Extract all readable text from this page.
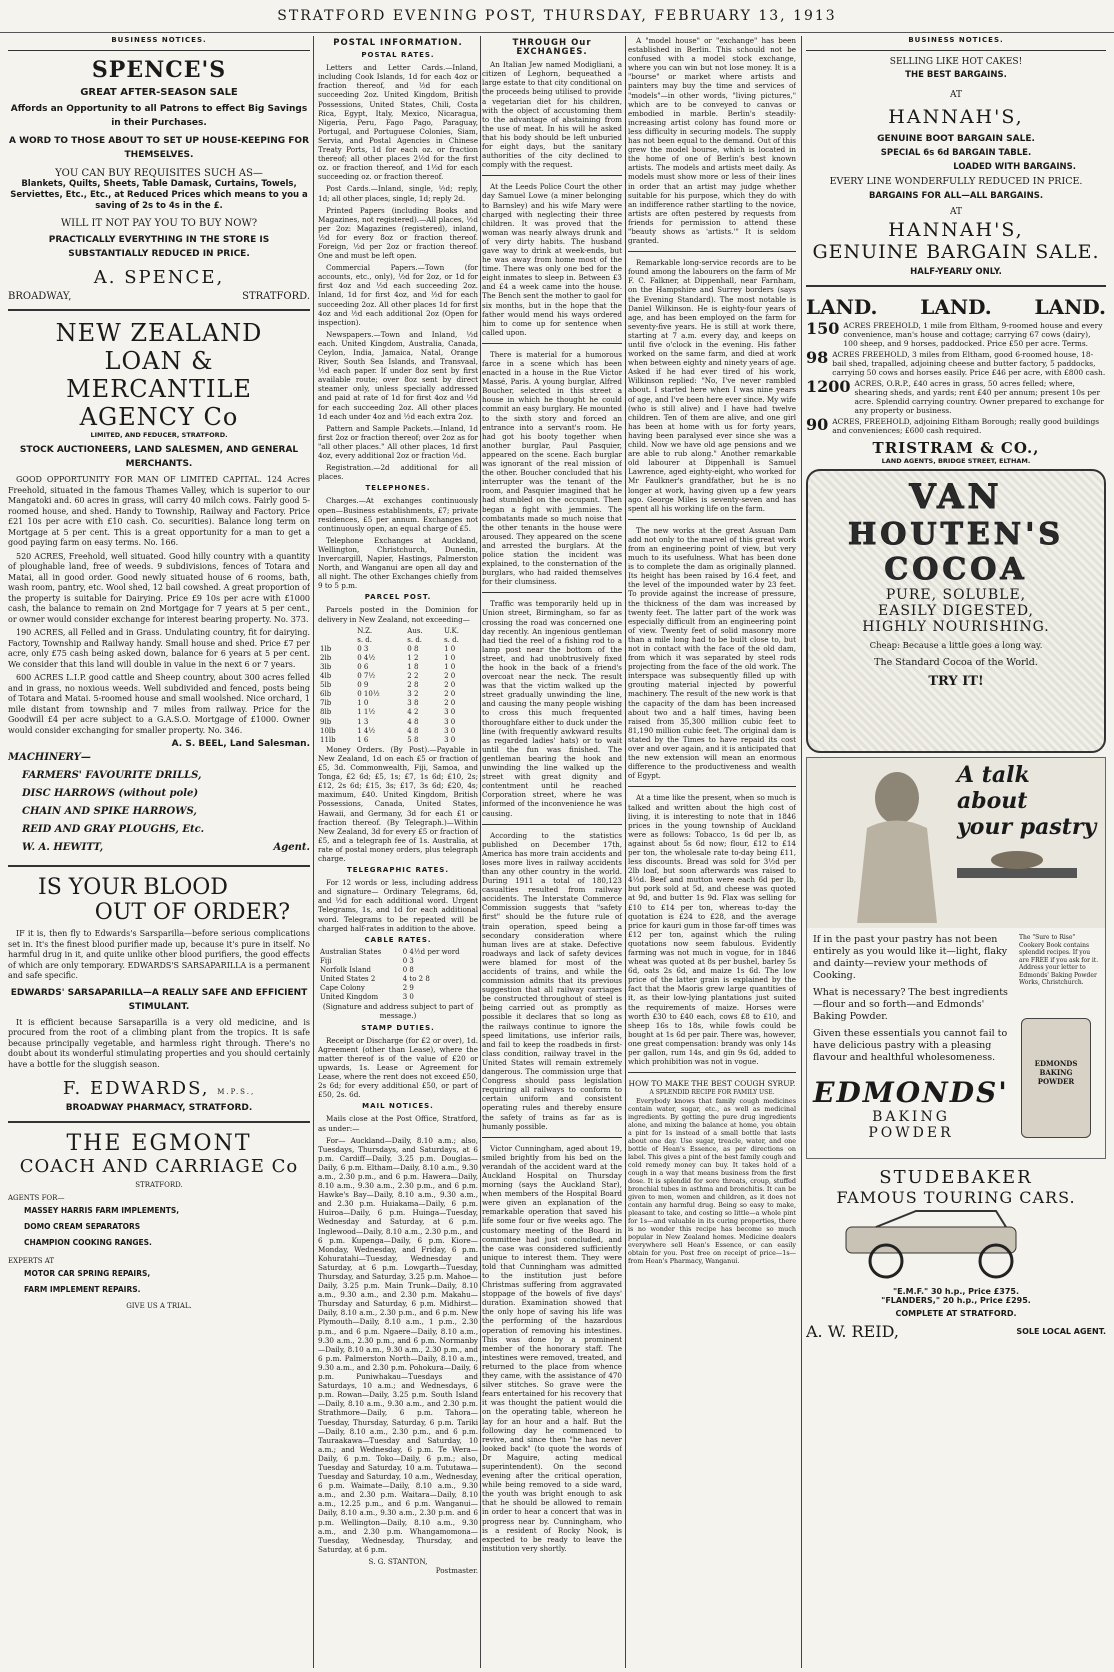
STRATFORD EVENING POST, THURSDAY, FEBRUARY 13, 1913
BUSINESS NOTICES.
SPENCE'S
GREAT AFTER-SEASON SALE
Affords an Opportunity to all Patrons to effect Big Savings in their Purchases.
A WORD TO THOSE ABOUT TO SET UP HOUSE-KEEPING FOR THEMSELVES.
YOU CAN BUY REQUISITES SUCH AS—
Blankets, Quilts, Sheets, Table Damask, Curtains, Towels, Serviettes, Etc., Etc., at Reduced Prices which means to you a saving of 2s to 4s in the £.
WILL IT NOT PAY YOU TO BUY NOW?
PRACTICALLY EVERYTHING IN THE STORE IS SUBSTANTIALLY REDUCED IN PRICE.
A. SPENCE,
BROADWAY,	STRATFORD.
NEW ZEALAND
LOAN & MERCANTILE
AGENCY Co
LIMITED, AND FEDUCER, STRATFORD.
STOCK AUCTIONEERS, LAND SALESMEN, AND GENERAL MERCHANTS.
GOOD OPPORTUNITY FOR MAN OF LIMITED CAPITAL. 124 Acres Freehold, situated in the famous Thames Valley, which is superior to our Mangatoki and. 60 acres in grass, will carry 40 milch cows. Fairly good 5-roomed house, and shed. Handy to Township, Railway and Factory. Price £21 10s per acre with £10 cash. Co. securities). Balance long term on Mortgage at 5 per cent. This is a great opportunity for a man to get a good paying farm on easy terms. No. 166.
520 ACRES, Freehold, well situated. Good hilly country with a quantity of ploughable land, free of weeds. 9 subdivisions, fences of Totara and Matai, all in good order. Good newly situated house of 6 rooms, bath, wash room, pantry, etc. Wool shed, 12 bail cowshed. A great proportion of the property is suitable for Dairying. Price £9 10s per acre with £1000 cash, the balance to remain on 2nd Mortgage for 7 years at 5 per cent., or owner would consider exchange for interest bearing property. No. 373.
190 ACRES, all Felled and in Grass. Undulating country, fit for dairying. Factory, Township and Railway handy. Small house and shed. Price £7 per acre, only £75 cash being asked down, balance for 6 years at 5 per cent. We consider that this land will double in value in the next 6 or 7 years.
600 ACRES L.I.P. good cattle and Sheep country, about 300 acres felled and in grass, no noxious weeds. Well subdivided and fenced, posts being of Totara and Matai. 5-roomed house and small woolshed. Nice orchard, 1 mile distant from township and 7 miles from railway. Price for the Goodwill £4 per acre subject to a G.A.S.O. Mortgage of £1000. Owner would consider exchanging for smaller property. No. 346.
A. S. BEEL, Land Salesman.
MACHINERY—
FARMERS' FAVOURITE DRILLS,
DISC HARROWS (without pole)
CHAIN AND SPIKE HARROWS,
REID AND GRAY PLOUGHS, Etc.
W. A. HEWITT,	Agent.
IS YOUR BLOOD
OUT OF ORDER?
IF it is, then fly to Edwards's Sarsparilla—before serious complications set in. It's the finest blood purifier made up, because it's pure in itself. No harmful drug in it, and quite unlike other blood purifiers, the good effects of which are only temporary. EDWARDS'S SARSAPARILLA is a permanent and safe specific.
EDWARDS' SARSAPARILLA—A REALLY SAFE AND EFFICIENT STIMULANT.
It is efficient because Sarsaparilla is a very old medicine, and is procured from the root of a climbing plant from the tropics. It is safe because principally vegetable, and harmless right through. There's no doubt about its wonderful stimulating properties and you should certainly have a bottle for the sluggish season.
F. EDWARDS, M.P.S.,
BROADWAY PHARMACY, STRATFORD.
THE EGMONT
COACH AND CARRIAGE Co
STRATFORD.
AGENTS FOR—
MASSEY HARRIS FARM IMPLEMENTS,
DOMO CREAM SEPARATORS
CHAMPION COOKING RANGES.
EXPERTS AT
MOTOR CAR SPRING REPAIRS,
FARM IMPLEMENT REPAIRS.
GIVE US A TRIAL.
POSTAL INFORMATION.
POSTAL RATES.
Letters and Letter Cards.—Inland, including Cook Islands, 1d for each 4oz or fraction thereof, and ½d for each succeeding 2oz. United Kingdom, British Possessions, United States, Chili, Costa Rica, Egypt, Italy, Mexico, Nicaragua, Nigeria, Peru, Fago Pago, Paraguay, Portugal, and Portuguese Colonies, Siam, Servia, and Postal Agencies in Chinese Treaty Ports, 1d for each oz. or fraction thereof; all other places 2½d for the first oz. or fraction thereof, and 1½d for each succeeding oz. or fraction thereof.
Post Cards.—Inland, single, ½d; reply, 1d; all other places, single, 1d; reply 2d.
Printed Papers (including Books and Magazines, not registered).—All places, ½d per 2oz: Magazines (registered), inland, ½d for every 8oz or fraction thereof. Foreign, ½d per 2oz or fraction thereof. One and must be left open.
Commercial Papers.—Town (for accounts, etc., only), ½d for 2oz, or 1d for first 4oz and ½d each succeeding 2oz. Inland, 1d for first 4oz, and ½d for each succeeding 2oz. All other places 1d for first 4oz and ½d each additional 2oz (Open for inspection).
Newspapers.—Town and Inland, ½d each. United Kingdom, Australia, Canada, Ceylon, India, Jamaica, Natal, Orange River, South Sea Islands, and Transvaal, ½d each paper. If under 8oz sent by first available route; over 8oz sent by direct steamer only, unless specially addressed and paid at rate of 1d for first 4oz and ½d for each succeeding 2oz. All other places 1d each under 4oz and ½d each extra 2oz.
Pattern and Sample Packets.—Inland, 1d first 2oz or fraction thereof; over 2oz as for "all other places." All other places, 1d first 4oz, every additional 2oz or fraction ½d.
Registration.—2d additional for all places.
TELEPHONES.
Charges.—At exchanges continuously open—Business establishments, £7; private residences, £5 per annum. Exchanges not continuously open, an equal charge of £5.
Telephone Exchanges at Auckland, Wellington, Christchurch, Dunedin, Invercargill, Napier, Hastings, Palmerston North, and Wanganui are open all day and all night. The other Exchanges chiefly from 9 to 5 p.m.
PARCEL POST.
Parcels posted in the Dominion for delivery in New Zealand, not exceeding—
	N.Z.	Aus.	U.K.
	s. d.	s. d.	s. d.
1lb	0 3	0 8	1 0
2lb	0 4½	1 2	1 0
3lb	0 6	1 8	1 0
4lb	0 7½	2 2	2 0
5lb	0 9	2 8	2 0
6lb	0 10½	3 2	2 0
7lb	1 0	3 8	2 0
8lb	1 1½	4 2	3 0
9lb	1 3	4 8	3 0
10lb	1 4½	4 8	3 0
11lb	1 6	5 8	3 0
Money Orders. (By Post).—Payable in New Zealand, 1d on each £5 or fraction of £5, 3d. Commonwealth, Fiji, Samoa, and Tonga, £2 6d; £5, 1s; £7, 1s 6d; £10, 2s; £12, 2s 6d; £15, 3s; £17, 3s 6d; £20, 4s; maximum, £40. United Kingdom, British Possessions, Canada, United States, Hawaii, and Germany, 3d for each £1 or fraction thereof. (By Telegraph.)—Within New Zealand, 3d for every £5 or fraction of £5, and a telegraph fee of 1s. Australia, at rate of postal money orders, plus telegraph charge.
TELEGRAPHIC RATES.
For 12 words or less, including address and signature— Ordinary Telegrams, 6d, and ½d for each additional word. Urgent Telegrams, 1s, and 1d for each additional word. Telegrams to be repeated will be charged half-rates in addition to the above.
CABLE RATES.
Australian States	0 4½d per word
Fiji	0 3
Norfolk Island	0 8
United States 2	4 to 2 8
Cape Colony	2 9
United Kingdom	3 0
(Signature and address subject to part of message.)
STAMP DUTIES.
Receipt or Discharge (for £2 or over), 1d. Agreement (other than Lease), where the matter thereof is of the value of £20 or upwards, 1s. Lease or Agreement for Lease, where the rent does not exceed £50, 2s 6d; for every additional £50, or part of £50, 2s. 6d.
MAIL NOTICES.
Mails close at the Post Office, Stratford, as under:—
For— Auckland—Daily, 8.10 a.m.; also, Tuesdays, Thursdays, and Saturdays, at 6 p.m. Cardiff—Daily, 3.25 p.m. Douglas—Daily, 6 p.m. Eltham—Daily, 8.10 a.m., 9.30 a.m., 2.30 p.m., and 6 p.m. Hawera—Daily, 8.10 a.m., 9.30 a.m., 2.30 p.m., and 6 p.m. Hawke's Bay—Daily, 8.10 a.m., 9.30 a.m., and 2.30 p.m. Huiakama—Daily, 6 p.m. Huiroa—Daily, 6 p.m. Huinga—Tuesday, Wednesday and Saturday, at 6 p.m. Inglewood—Daily, 8.10 a.m., 2.30 p.m., and 6 p.m. Kupenga—Daily, 6 p.m. Kiore—Monday, Wednesday, and Friday, 6 p.m. Kohuratahi—Tuesday, Wednesday and Saturday, at 6 p.m. Lowgarth—Tuesday, Thursday, and Saturday, 3.25 p.m. Mahoe—Daily, 3.25 p.m. Main Trunk—Daily, 8.10 a.m., 9.30 a.m., and 2.30 p.m. Makahu—Thursday and Saturday, 6 p.m. Midhirst—Daily, 8.10 a.m., 2.30 p.m., and 6 p.m. New Plymouth—Daily, 8.10 a.m., 1 p.m., 2.30 p.m., and 6 p.m. Ngaere—Daily, 8.10 a.m., 9.30 a.m., 2.30 p.m., and 6 p.m. Normanby—Daily, 8.10 a.m., 9.30 a.m., 2.30 p.m., and 6 p.m. Palmerston North—Daily, 8.10 a.m., 9.30 a.m., and 2.30 p.m. Pohokura—Daily, 6 p.m. Puniwhakau—Tuesdays and Saturdays, 10 a.m.; and Wednesdays, 6 p.m. Rowan—Daily, 3.25 p.m. South Island—Daily, 8.10 a.m., 9.30 a.m., and 2.30 p.m. Strathmore—Daily, 6 p.m. Tahora—Tuesday, Thursday, Saturday, 6 p.m. Tariki—Daily, 8.10 a.m., 2.30 p.m., and 6 p.m. Tauraakawa—Tuesday and Saturday, 10 a.m.; and Wednesday, 6 p.m. Te Wera—Daily, 6 p.m. Toko—Daily, 6 p.m.; also, Tuesday and Saturday, 10 a.m. Tututawa—Tuesday and Saturday, 10 a.m., Wednesday, 6 p.m. Waimate—Daily, 8.10 a.m., 9.30 a.m., and 2.30 p.m. Waitara—Daily, 8.10 a.m., 12.25 p.m., and 6 p.m. Wanganui—Daily, 8.10 a.m., 9.30 a.m., 2.30 p.m. and 6 p.m. Wellington—Daily, 8.10 a.m., 9.30 a.m., and 2.30 p.m. Whangamomona—Tuesday, Wednesday, Thursday, and Saturday, at 6 p.m.
S. G. STANTON,
Postmaster.
THROUGH Our EXCHANGES.
An Italian Jew named Modigliani, a citizen of Leghorn, bequeathed a large estate to that city conditional on the proceeds being utilised to provide a vegetarian diet for his children, with the object of accustoming them to the advantage of abstaining from the use of meat. In his will he asked that his body should be left unburied for eight days, but the sanitary authorities of the city declined to comply with the request.
At the Leeds Police Court the other day Samuel Lowe (a miner belonging to Barnsley) and his wife Mary were charged with neglecting their three children. It was proved that the woman was nearly always drunk and of very dirty habits. The husband gave way to drink at week-ends, but he was away from home most of the time. There was only one bed for the eight inmates to sleep in. Between £3 and £4 a week came into the house. The Bench sent the mother to gaol for six months, but in the hope that the father would mend his ways ordered him to come up for sentence when called upon.
There is material for a humorous farce in a scene which has been enacted in a house in the Rue Victor Massé, Paris. A young burglar, Alfred Boucher, selected in this street a house in which he thought he could commit an easy burglary. He mounted to the sixth story and forced an entrance into a servant's room. He had got his booty together when another burglar, Paul Pasquier, appeared on the scene. Each burglar was ignorant of the real mission of the other. Boucher concluded that his interrupter was the tenant of the room, and Pasquier imagined that he had stumbled on the occupant. Then began a fight with jemmies. The combatants made so much noise that the other tenants in the house were aroused. They appeared on the scene and arrested the burglars. At the police station the incident was explained, to the consternation of the burglars, who had raided themselves for their clumsiness.
Traffic was temporarily held up in Union street, Birmingham, so far as crossing the road was concerned one day recently. An ingenious gentleman had tied the reel of a fishing rod to a lamp post near the bottom of the street, and had unobtrusively fixed the hook in the back of a friend's overcoat near the neck. The result was that the victim walked up the street gradually unwinding the line, and causing the many people wishing to cross this much frequented thoroughfare either to duck under the line (with frequently awkward results as regarded ladies' hats) or to wait until the fun was finished. The gentleman bearing the hook and unwinding the line walked up the street with great dignity and contentment until he reached Corporation street, where he was informed of the inconvenience he was causing.
According to the statistics published on December 17th, America has more train accidents and loses more lives in railway accidents than any other country in the world. During 1911 a total of 180,123 casualties resulted from railway accidents. The Interstate Commerce Commission suggests that "safety first" should be the future rule of train operation, speed being a secondary consideration where human lives are at stake. Defective roadways and lack of safety devices were blamed for most of the accidents of trains, and while the commission admits that its previous suggestion that all railway carriages be constructed throughout of steel is being carried out as promptly as possible it declares that so long as the railways continue to ignore the speed limitations, use inferior rails, and fail to keep the roadbeds in first-class condition, railway travel in the United States will remain extremely dangerous. The commission urge that Congress should pass legislation requiring all railways to conform to certain uniform and consistent operating rules and thereby ensure the safety of trains as far as is humanly possible.
Victor Cunningham, aged about 19, smiled brightly from his bed on the verandah of the accident ward at the Auckland Hospital on Thursday morning (says the Auckland Star), when members of the Hospital Board were given an explanation of the remarkable operation that saved his life some four or five weeks ago. The customary meeting of the Board in committee had just concluded, and the case was considered sufficiently unique to interest them. They were told that Cunningham was admitted to the institution just before Christmas suffering from aggravated stoppage of the bowels of five days' duration. Examination showed that the only hope of saving his life was the performing of the hazardous operation of removing his intestines. This was done by a prominent member of the honorary staff. The intestines were removed, treated, and returned to the place from whence they came, with the assistance of 470 silver stitches. So grave were the fears entertained for his recovery that it was thought the patient would die on the operating table, whereon he lay for an hour and a half. But the following day he commenced to revive, and since then "he has never looked back" (to quote the words of Dr Maguire, acting medical superintendent). On the second evening after the critical operation, while being removed to a side ward, the youth was bright enough to ask that he should be allowed to remain in order to hear a concert that was in progress near by. Cunningham, who is a resident of Rocky Nook, is expected to be ready to leave the institution very shortly.
A "model house" or "exchange" has been established in Berlin. This schould not be confused with a model stock exchange, where you can win but not lose money. It is a "bourse" or market where artists and painters may buy the time and services of "models"—in other words, "living pictures," which are to be conveyed to canvas or embodied in marble. Berlin's steadily-increasing artist colony has found more or less difficulty in securing models. The supply has not been equal to the demand. Out of this grew the model bourse, which is located in the home of one of Berlin's best known artists. The models and artists meet daily. As models must show more or less of their lines in order that an artist may judge whether suitable for his purpose, which they do with an indifference rather startling to the novice, artists are often pestered by requests from friends for permission to attend these "beauty shows as 'artists.'" It is seldom granted.
Remarkable long-service records are to be found among the labourers on the farm of Mr F. C. Falkner, at Dippenhall, near Farnham, on the Hampshire and Surrey borders (says the Evening Standard). The most notable is Daniel Wilkinson. He is eighty-four years of age, and has been employed on the farm for seventy-five years. He is still at work there, starting at 7 a.m. every day, and keeps on until five o'clock in the evening. His father worked on the same farm, and died at work when between eighty and ninety years of age. Asked if he had ever tired of his work, Wilkinson replied: "No, I've never rambled about. I started here when I was nine years of age, and I've been here ever since. My wife (who is still alive) and I have had twelve children. Ten of them are alive, and one girl has been at home with us for forty years, having been paralysed ever since she was a child. Now we have old age pensions and we are able to rub along." Another remarkable old labourer at Dippenhall is Samuel Lawrence, aged eighty-eight, who worked for Mr Faulkner's grandfather, but he is no longer at work, having given up a few years ago. George Miles is seventy-seven and has spent all his working life on the farm.
The new works at the great Assuan Dam add not only to the marvel of this great work from an engineering point of view, but very much to its usefulness. What has been done is to complete the dam as originally planned. Its height has been raised by 16.4 feet, and the level of the impounded water by 23 feet. To provide against the increase of pressure, the thickness of the dam was increased by twenty feet. The latter part of the work was especially difficult from an engineering point of view. Twenty feet of solid masonry more than a mile long had to be built close to, but not in contact with the face of the old dam, from which it was separated by steel rods projecting from the face of the old work. The interspace was subsequently filled up with grouting material injected by powerful machinery. The result of the new work is that the capacity of the dam has been increased about two and a half times, having been raised from 35,300 million cubic feet to 81,190 million cubic feet. The original dam is stated by the Times to have repaid its cost over and over again, and it is anticipated that the new extension will mean an enormous difference to the productiveness and wealth of Egypt.
At a time like the present, when so much is talked and written about the high cost of living, it is interesting to note that in 1846 prices in the young township of Auckland were as follows: Tobacco, 1s 6d per lb, as against about 5s 6d now; flour, £12 to £14 per ton, the wholesale rate to-day being £11, less discounts. Bread was sold for 3½d per 2lb loaf, but soon afterwards was raised to 4½d. Beef and mutton were each 6d per lb, but pork sold at 5d, and cheese was quoted at 9d, and butter 1s 9d. Flax was selling for £10 to £14 per ton, whereas to-day the quotation is £24 to £28, and the average price for kauri gum in those far-off times was £12 per ton, against which the ruling quotations now seem fabulous. Evidently farming was not much in vogue, for in 1846 wheat was quoted at 8s per bushel, barley 5s 6d, oats 2s 6d, and maize 1s 6d. The low price of the latter grain is explained by the fact that the Maoris grew large quantities of it, as their low-lying plantations just suited the requirements of maize. Horses were worth £30 to £40 each, cows £8 to £10, and sheep 16s to 18s, while fowls could be bought at 1s 6d per pair. There was, however, one great compensation: brandy was only 14s per gallon, rum 14s, and gin 9s 6d, added to which prohibition was not in vogue.
HOW TO MAKE THE BEST COUGH SYRUP.
A SPLENDID RECIPE FOR FAMILY USE.
Everybody knows that family cough medicines contain water, sugar, etc., as well as medicinal ingredients. By getting the pure drug ingredients alone, and mixing the balance at home, you obtain a pint for 1s instead of a small bottle that lasts about one day. Use sugar, treacle, water, and one bottle of Hean's Essence, as per directions on label. This gives a pint of the best family cough and cold remedy money can buy. It takes hold of a cough in a way that means business from the first dose. It is splendid for sore throats, croup, stuffed bronchial tubes in asthma and bronchitis. It can be given to men, women and children, as it does not contain any harmful drug. Being so easy to make, pleasant to take, and costing so little—a whole pint for 1s—and valuable in its curing properties, there is no wonder this recipe has become so much popular in New Zealand homes. Medicine dealers everywhere sell Hean's Essence, or can easily obtain for you. Post free on receipt of price—1s—from Hean's Pharmacy, Wanganui.
BUSINESS NOTICES.
SELLING LIKE HOT CAKES!
THE BEST BARGAINS.
AT
HANNAH'S,
GENUINE BOOT BARGAIN SALE.
SPECIAL 6s 6d BARGAIN TABLE.
LOADED WITH BARGAINS.
EVERY LINE WONDERFULLY REDUCED IN PRICE.
BARGAINS FOR ALL—ALL BARGAINS.
AT
HANNAH'S,
GENUINE BARGAIN SALE.
HALF-YEARLY ONLY.
LAND. LAND. LAND.
150 ACRES FREEHOLD, 1 mile from Eltham, 9-roomed house and every convenience, man's house and cottage; carrying 67 cows (dairy), 100 sheep, and 9 horses, paddocked. Price £50 per acre. Terms.
98 ACRES FREEHOLD, 3 miles from Eltham, good 6-roomed house, 18-bail shed, trapalled, adjoining cheese and butter factory, 5 paddocks, carrying 50 cows and horses easily. Price £46 per acre, with £800 cash.
1200 ACRES, O.R.P., £40 acres in grass, 50 acres felled; where, shearing sheds, and yards; rent £40 per annum; present 10s per acre. Splendid carrying country. Owner prepared to exchange for any property or business.
90 ACRES, FREEHOLD, adjoining Eltham Borough; really good buildings and conveniences; £600 cash required.
TRISTRAM & CO.,
LAND AGENTS, BRIDGE STREET, ELTHAM.
VAN
HOUTEN'S
COCOA
PURE, SOLUBLE,
EASILY DIGESTED,
HIGHLY NOURISHING.
Cheap: Because a little goes a long way.
The Standard Cocoa of the World.
TRY IT!
A talk about
your pastry
If in the past your pastry has not been entirely as you would like it—light, flaky and dainty—review your methods of Cooking.
What is necessary? The best ingredients—flour and so forth—and Edmonds' Baking Powder.
Given these essentials you cannot fail to have delicious pastry with a pleasing flavour and healthful wholesomeness.
The "Sure to Rise" Cookery Book contains splendid recipes. If you are FREE if you ask for it. Address your letter to Edmonds' Baking Powder Works, Christchurch.
EDMONDS'
BAKING
POWDER
EDMONDS BAKING POWDER
STUDEBAKER
FAMOUS TOURING CARS.
"E.M.F." 30 h.p., Price £375.
"FLANDERS," 20 h.p., Price £295.
COMPLETE AT STRATFORD.
A. W. REID,	SOLE LOCAL AGENT.
